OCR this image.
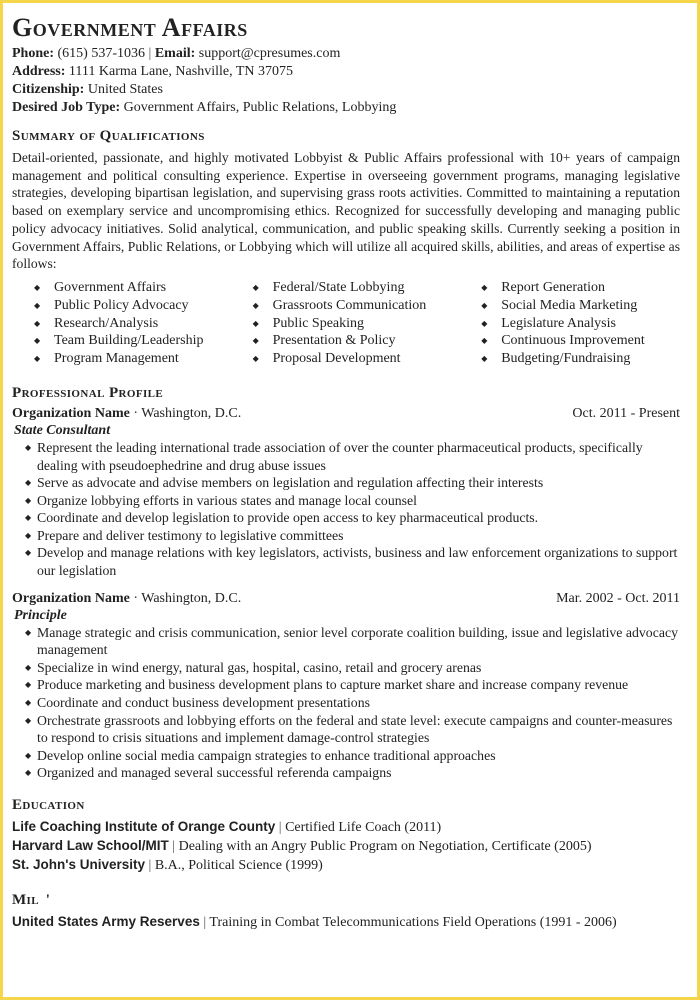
Government Affairs
Phone: (615) 537-1036 | Email: support@cpresumes.com
Address: 1111 Karma Lane, Nashville, TN 37075
Citizenship: United States
Desired Job Type: Government Affairs, Public Relations, Lobbying
Summary of Qualifications

Detail-oriented, passionate, and highly motivated Lobbyist & Public Affairs professional with 10+ years of campaign management and political consulting experience. Expertise in overseeing government programs, managing legislative strategies, developing bipartisan legislation, and supervising grass roots activities. Committed to maintaining a reputation based on exemplary service and uncompromising ethics. Recognized for successfully developing and managing public policy advocacy initiatives. Solid analytical, communication, and public speaking skills. Currently seeking a position in Government Affairs, Public Relations, or Lobbying which will utilize all acquired skills, abilities, and areas of expertise as follows:

◆ Government Affairs
◆ Public Policy Advocacy
◆ Research/Analysis
◆ Team Building/Leadership
◆ Program Management
◆ Federal/State Lobbying
◆ Grassroots Communication
◆ Public Speaking
◆ Presentation & Policy
◆ Proposal Development
◆ Report Generation
◆ Social Media Marketing
◆ Legislature Analysis
◆ Continuous Improvement
◆ Budgeting/Fundraising
Professional Profile
Organization Name · Washington, D.C.	Oct. 2011 - Present
State Consultant
◆ Represent the leading international trade association of over the counter pharmaceutical products, specifically dealing with pseudoephedrine and drug abuse issues
◆ Serve as advocate and advise members on legislation and regulation affecting their interests
◆ Organize lobbying efforts in various states and manage local counsel
◆ Coordinate and develop legislation to provide open access to key pharmaceutical products.
◆ Prepare and deliver testimony to legislative committees
◆ Develop and manage relations with key legislators, activists, business and law enforcement organizations to support our legislation
Organization Name · Washington, D.C.	Mar. 2002 - Oct. 2011
Principle
◆ Manage strategic and crisis communication, senior level corporate coalition building, issue and legislative advocacy management
◆ Specialize in wind energy, natural gas, hospital, casino, retail and grocery arenas
◆ Produce marketing and business development plans to capture market share and increase company revenue
◆ Coordinate and conduct business development presentations
◆ Orchestrate grassroots and lobbying efforts on the federal and state level: execute campaigns and counter-measures to respond to crisis situations and implement damage-control strategies
◆ Develop online social media campaign strategies to enhance traditional approaches
◆ Organized and managed several successful referenda campaigns
Education
Life Coaching Institute of Orange County | Certified Life Coach (2011)
Harvard Law School/MIT | Dealing with an Angry Public Program on Negotiation, Certificate (2005)
St. John's University | B.A., Political Science (1999)
Mil  '
United States Army Reserves | Training in Combat Telecommunications Field Operations (1991 - 2006)
